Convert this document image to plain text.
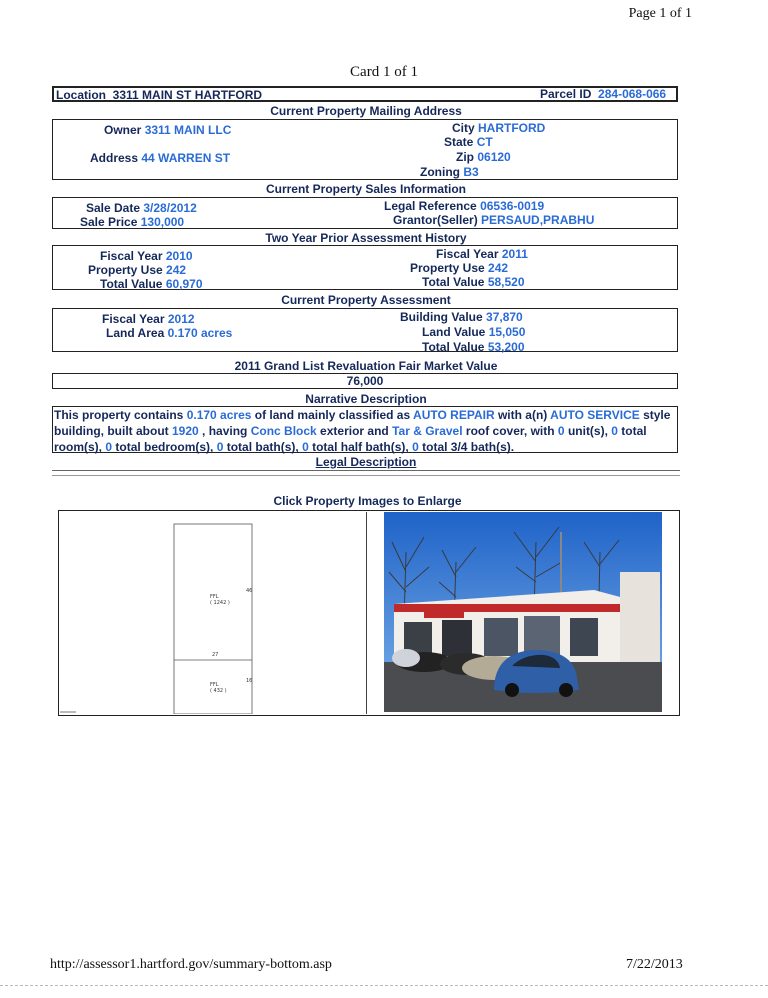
Page 1 of 1
Card 1 of 1
Location 3311 MAIN ST HARTFORD	Parcel ID 284-068-066
Current Property Mailing Address
Owner 3311 MAIN LLC
Address 44 WARREN ST
City HARTFORD
State CT
Zip 06120
Zoning B3
Current Property Sales Information
Sale Date 3/28/2012
Sale Price 130,000
Legal Reference 06536-0019
Grantor(Seller) PERSAUD,PRABHU
Two Year Prior Assessment History
Fiscal Year 2010
Property Use 242
Total Value 60,970
Fiscal Year 2011
Property Use 242
Total Value 58,520
Current Property Assessment
Fiscal Year 2012
Land Area 0.170 acres
Building Value 37,870
Land Value 15,050
Total Value 53,200
2011 Grand List Revaluation Fair Market Value
76,000
Narrative Description
This property contains 0.170 acres of land mainly classified as AUTO REPAIR with a(n) AUTO SERVICE style building, built about 1920 , having Conc Block exterior and Tar & Gravel roof cover, with 0 unit(s), 0 total room(s), 0 total bedroom(s), 0 total bath(s), 0 total half bath(s), 0 total 3/4 bath(s).
Legal Description
Click Property Images to Enlarge
FFL
( 1242 )
46
27
FFL
( 432 )
16
http://assessor1.hartford.gov/summary-bottom.asp	7/22/2013
